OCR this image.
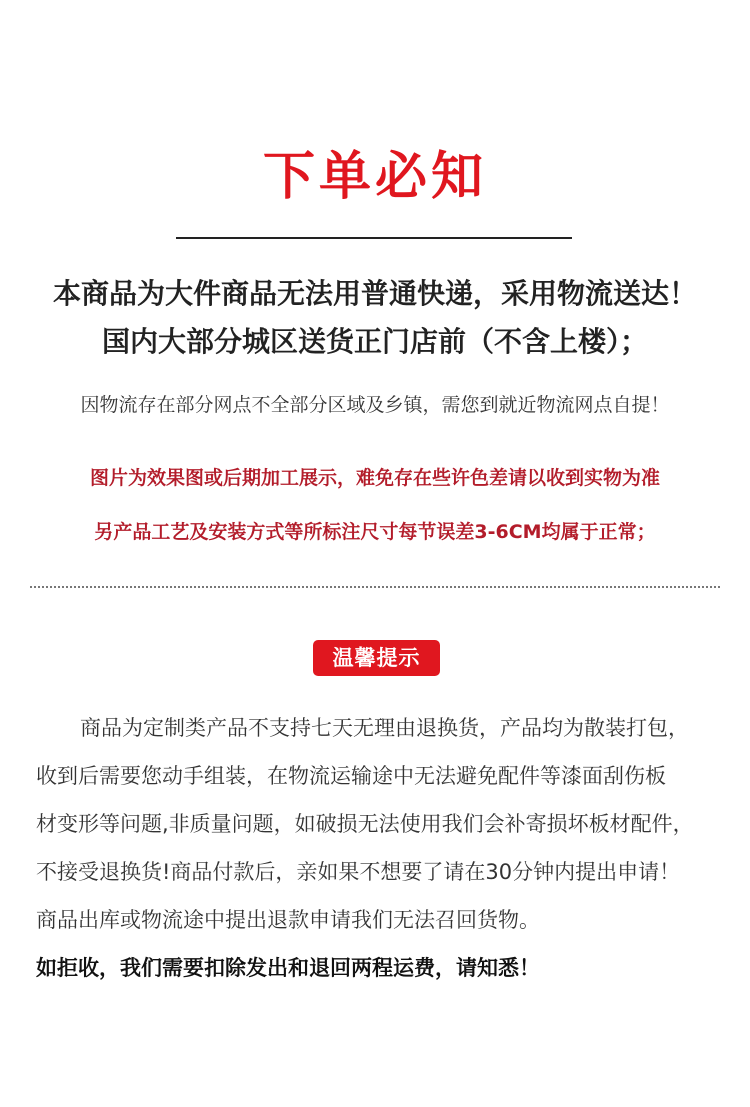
下单必知
本商品为大件商品无法用普通快递，采用物流送达！
国内大部分城区送货正门店前（不含上楼）；
因物流存在部分网点不全部分区域及乡镇，需您到就近物流网点自提！
图片为效果图或后期加工展示，难免存在些许色差请以收到实物为准
另产品工艺及安装方式等所标注尺寸每节误差3-6CM均属于正常；
温馨提示
商品为定制类产品不支持七天无理由退换货，产品均为散装打包，
收到后需要您动手组装，在物流运输途中无法避免配件等漆面刮伤板
材变形等问题,非质量问题，如破损无法使用我们会补寄损坏板材配件，
不接受退换货!商品付款后，亲如果不想要了请在30分钟内提出申请！
商品出库或物流途中提出退款申请我们无法召回货物。
如拒收，我们需要扣除发出和退回两程运费，请知悉！
